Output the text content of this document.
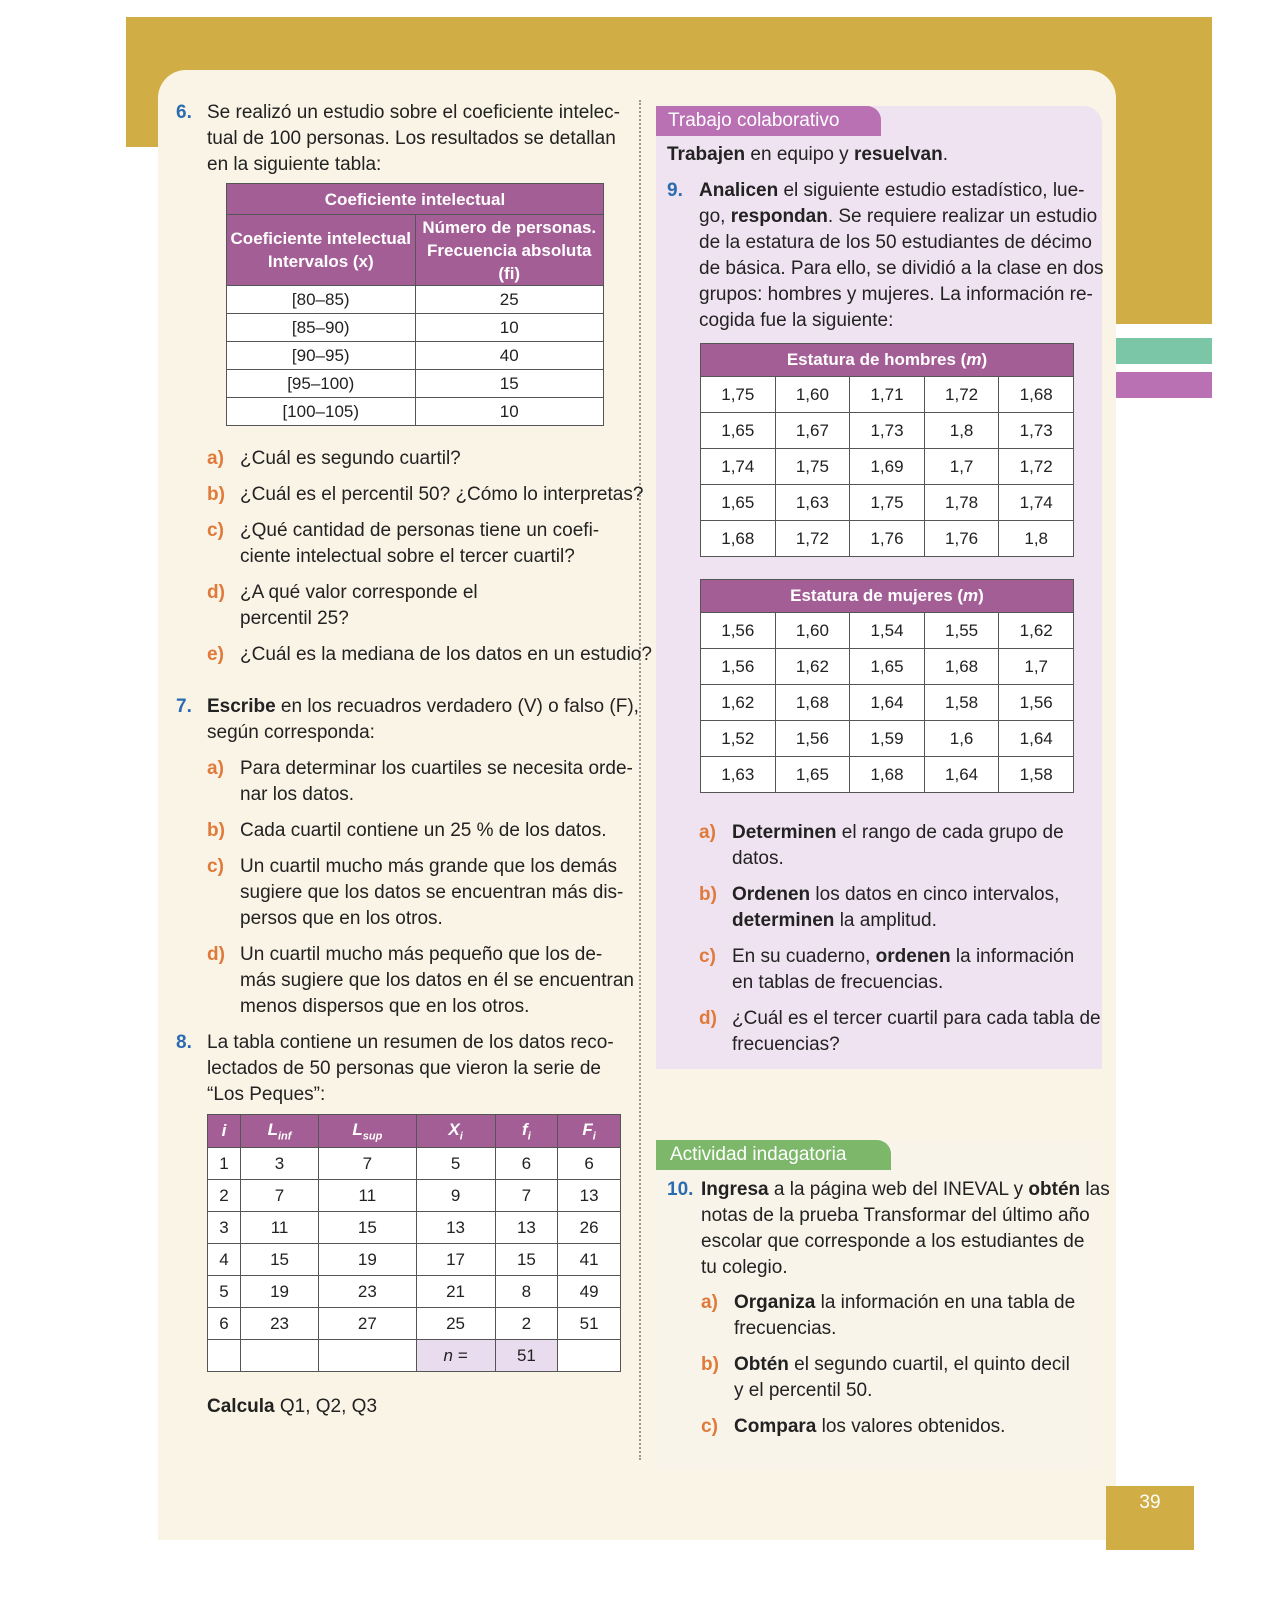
39
6. Se realizó un estudio sobre el coeficiente intelec-

tual de 100 personas. Los resultados se detallan

en la siguiente tabla:

Coeficiente intelectual	
Coeficiente intelectual Intervalos (x)	Número de personas. Frecuencia absoluta (fi)
[80–85)	25
[85–90)	10
[90–95)	40
[95–100)	15
[100–105)	10
a) ¿Cuál es segundo cuartil?

b) ¿Cuál es el percentil 50? ¿Cómo lo interpretas?

c) ¿Qué cantidad de personas tiene un coefi-

ciente intelectual sobre el tercer cuartil?

d) ¿A qué valor corresponde el

percentil 25?

e) ¿Cuál es la mediana de los datos en un estudio?

7. Escribe en los recuadros verdadero (V) o falso (F),

según corresponda:

a) Para determinar los cuartiles se necesita orde-

nar los datos.

b) Cada cuartil contiene un 25 % de los datos.

c) Un cuartil mucho más grande que los demás

sugiere que los datos se encuentran más dis-

persos que en los otros.

d) Un cuartil mucho más pequeño que los de-

más sugiere que los datos en él se encuentran

menos dispersos que en los otros.

8. La tabla contiene un resumen de los datos reco-

lectados de 50 personas que vieron la serie de

“Los Peques”:

i	$L_{inf}$	$L_{sup}$	$X_i$	$f_i$	$F_i$
1	3	7	5	6	6
2	7	11	9	7	13
3	11	15	13	13	26
4	15	19	17	15	41
5	19	23	21	8	49
6	23	27	25	2	51
			n =	51	

Calcula Q1, Q2, Q3

Trabajo colaborativo

Trabajen en equipo y resuelvan.

9. Analicen el siguiente estudio estadístico, lue-

go, respondan. Se requiere realizar un estudio

de la estatura de los 50 estudiantes de décimo

de básica. Para ello, se dividió a la clase en dos

grupos: hombres y mujeres. La información re-

cogida fue la siguiente:

Estatura de hombres (m)				
1,75	1,60	1,71	1,72	1,68
1,65	1,67	1,73	1,8	1,73
1,74	1,75	1,69	1,7	1,72
1,65	1,63	1,75	1,78	1,74
1,68	1,72	1,76	1,76	1,8
Estatura de mujeres (m)				
1,56	1,60	1,54	1,55	1,62
1,56	1,62	1,65	1,68	1,7
1,62	1,68	1,64	1,58	1,56
1,52	1,56	1,59	1,6	1,64
1,63	1,65	1,68	1,64	1,58
a) Determinen el rango de cada grupo de

datos.

b) Ordenen los datos en cinco intervalos,

determinen la amplitud.

c) En su cuaderno, ordenen la información

en tablas de frecuencias.

d) ¿Cuál es el tercer cuartil para cada tabla de

frecuencias?

Actividad indagatoria
10. Ingresa a la página web del INEVAL y obtén las

notas de la prueba Transformar del último año

escolar que corresponde a los estudiantes de

tu colegio.

a) Organiza la información en una tabla de

frecuencias.

b) Obtén el segundo cuartil, el quinto decil

y el percentil 50.

c) Compara los valores obtenidos.
